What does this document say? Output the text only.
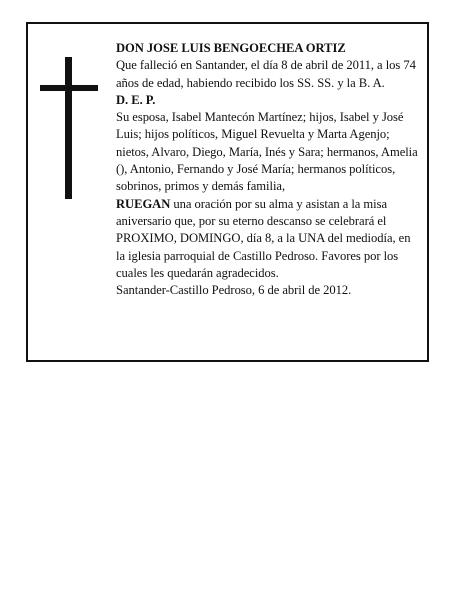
DON JOSE LUIS BENGOECHEA ORTIZ

Que falleció en Santander, el día 8 de abril de 2011, a los 74 años de edad, habiendo recibido los SS. SS. y la B. A.

D. E. P.

Su esposa, Isabel Mantecón Martínez; hijos, Isabel y José Luis; hijos políticos, Miguel Revuelta y Marta Agenjo; nietos, Alvaro, Diego, María, Inés y Sara; hermanos, Amelia (), Antonio, Fernando y José María; hermanos políticos, sobrinos, primos y demás familia,

RUEGAN una oración por su alma y asistan a la misa aniversario que, por su eterno descanso se celebrará el PROXIMO, DOMINGO, día 8, a la UNA del mediodía, en la iglesia parroquial de Castillo Pedroso. Favores por los cuales les quedarán agradecidos.

Santander-Castillo Pedroso, 6 de abril de 2012.
